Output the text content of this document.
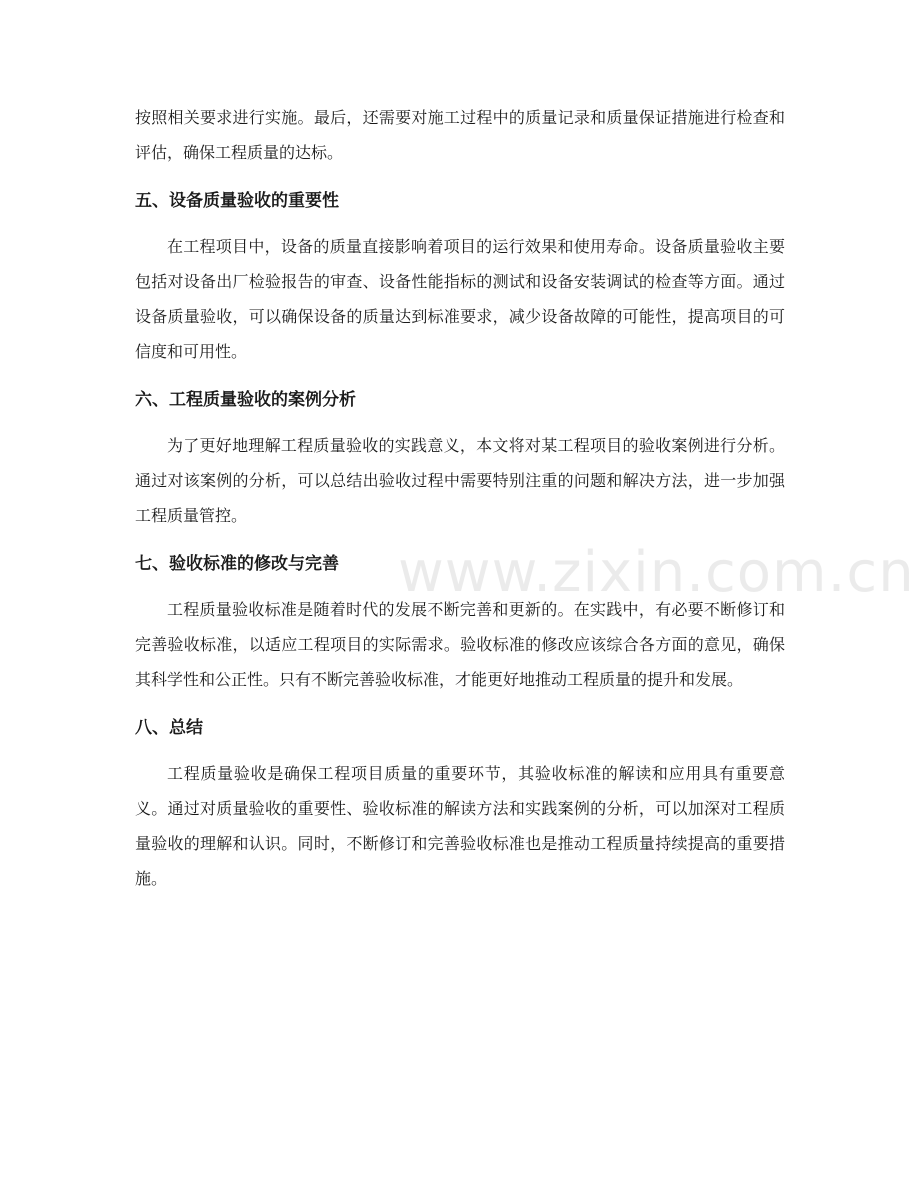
www.zixin.com.cn

按照相关要求进行实施。最后，还需要对施工过程中的质量记录和质量保证措施进行检查和评估，确保工程质量的达标。

五、设备质量验收的重要性

在工程项目中，设备的质量直接影响着项目的运行效果和使用寿命。设备质量验收主要包括对设备出厂检验报告的审查、设备性能指标的测试和设备安装调试的检查等方面。通过设备质量验收，可以确保设备的质量达到标准要求，减少设备故障的可能性，提高项目的可信度和可用性。

六、工程质量验收的案例分析

为了更好地理解工程质量验收的实践意义，本文将对某工程项目的验收案例进行分析。通过对该案例的分析，可以总结出验收过程中需要特别注重的问题和解决方法，进一步加强工程质量管控。

七、验收标准的修改与完善

工程质量验收标准是随着时代的发展不断完善和更新的。在实践中，有必要不断修订和完善验收标准，以适应工程项目的实际需求。验收标准的修改应该综合各方面的意见，确保其科学性和公正性。只有不断完善验收标准，才能更好地推动工程质量的提升和发展。

八、总结

工程质量验收是确保工程项目质量的重要环节，其验收标准的解读和应用具有重要意义。通过对质量验收的重要性、验收标准的解读方法和实践案例的分析，可以加深对工程质量验收的理解和认识。同时，不断修订和完善验收标准也是推动工程质量持续提高的重要措施。
